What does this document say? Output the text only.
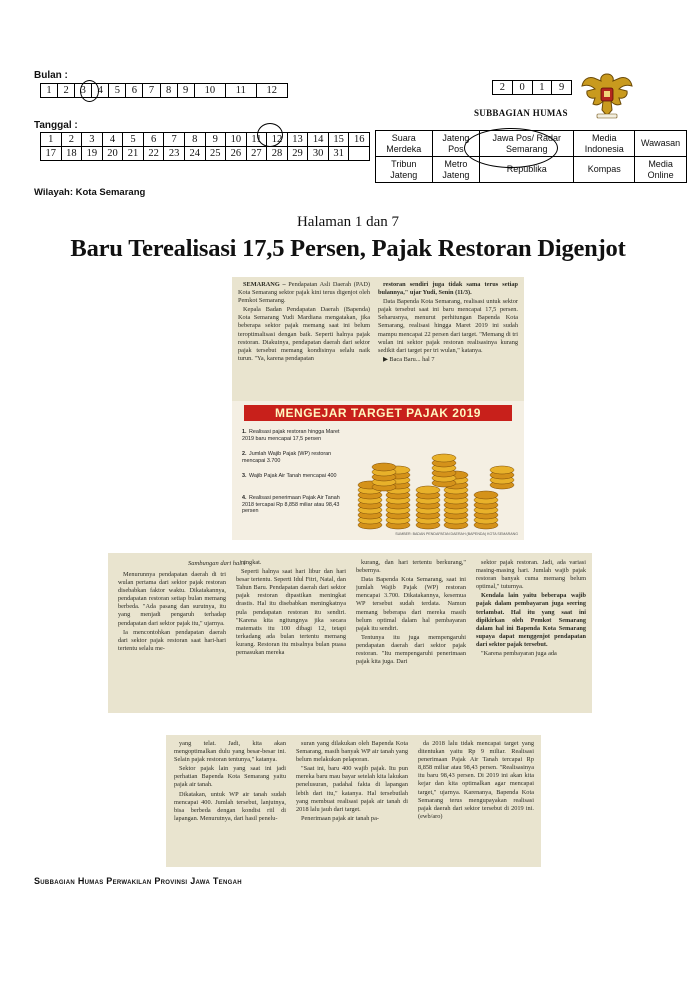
Bulan :
1	2	3	4	5	6	7	8	9	10	11	12
Tanggal :
1	2	3	4	5	6	7	8	9	10	11	12	13	14	15	16
17	18	19	20	21	22	23	24	25	26	27	28	29	30	31	
2	0	1	9
SUBBAGIAN HUMAS
Suara Merdeka	Jateng Pos	Jawa Pos/ Radar Semarang	Media Indonesia	Wawasan
Tribun Jateng	Metro Jateng	Republika	Kompas	Media Online
Wilayah: Kota Semarang
Halaman 1 dan 7
Baru Terealisasi 17,5 Persen, Pajak Restoran Digenjot

SEMARANG – Pendapatan Asli Daerah (PAD) Kota Semarang sektor pajak kini terus digenjot oleh Pemkot Semarang.

Kepala Badan Pendapatan Daerah (Bapenda) Kota Semarang Yudi Mardiana mengatakan, jika beberapa sektor pajak memang saat ini belum teroptimalisasi dengan baik. Seperti halnya pajak restoran. Diakuinya, pendapatan daerah dari sektor pajak tersebut memang kondisinya selalu naik turun. "Ya, karena pendapatan

restoran sendiri juga tidak sama terus setiap bulannya," ujar Yudi, Senin (11/3).

Data Bapenda Kota Semarang, realisasi untuk sektor pajak tersebut saat ini baru mencapai 17,5 persen. Seharusnya, menurut perhitungan Bapenda Kota Semarang, realisasi hingga Maret 2019 ini sudah mampu mencapai 22 persen dari target. "Memang di tri wulan ini sektor pajak restoran realisasinya kurang sedikit dari target per tri wulan," katanya.

▶ Baca Baru... hal 7

MENGEJAR TARGET PAJAK 2019
1. Realisasi pajak restoran hingga Maret 2019 baru mencapai 17,5 persen
2. Jumlah Wajib Pajak (WP) restoran mencapai 3.700
3. Wajib Pajak Air Tanah mencapai 400
4. Realisasi penerimaan Pajak Air Tanah 2018 tercapai Rp 8,858 miliar atau 98,43 persen
SUMBER: BADAN PENDAPATAN DAERAH (BAPENDA) KOTA SEMARANG
Sambungan dari hal.1

Menurunnya pendapatan daerah di tri wulan pertama dari sektor pajak restoran disebabkan faktor waktu. Dikatakannya, pendapatan restoran setiap bulan memang berbeda. "Ada pasang dan surutnya, itu yang menjadi pengaruh terhadap pendapatan dari sektor pajak itu," ujarnya.

Ia mencontohkan pendapatan daerah dari sektor pajak restoran saat hari-hari tertentu selalu me-

ningkat.

Seperti halnya saat hari libur dan hari besar tertentu. Seperti Idul Fitri, Natal, dan Tahun Baru. Pendapatan daerah dari sektor pajak restoran dipastikan meningkat drastis. Hal itu disebabkan meningkatnya pula pendapatan restoran itu sendiri. "Karena kita ngitungnya jika secara matematis itu 100 dibagi 12, tetapi terkadang ada bulan tertentu memang kurang. Restoran itu misalnya bulan puasa pemasukan mereka

kurang, dan hari tertentu berkurang," bebernya.

Data Bapenda Kota Semarang, saat ini jumlah Wajib Pajak (WP) restoran mencapai 3.700. Dikatakannya, kesemua WP tersebut sudah terdata. Namun memang beberapa dari mereka masih belum optimal dalam hal pembayaran pajak itu sendiri.

Tentunya itu juga mempengaruhi pendapatan daerah dari sektor pajak restoran. "Itu mempengaruhi penerimaan pajak kita juga. Dari

sektor pajak restoran. Jadi, ada variasi masing-masing hari. Jumlah wajib pajak restoran banyak cuma memang belum optimal," tuturnya.

Kendala lain yaitu beberapa wajib pajak dalam pembayaran juga seering terlambat. Hal itu yang saat ini dipikirkan oleh Pemkot Semarang dalam hal ini Bapenda Kota Semarang supaya dapat menggenjot pendapatan dari sektor pajak tersebut.

"Karena pembayaran juga ada

yang telat. Jadi, kita akan mengoptimalkan dulu yang besar-besar ini. Selain pajak restoran tentunya," katanya.

Sektor pajak lain yang saat ini jadi perhatian Bapenda Kota Semarang yaitu pajak air tanah.

Dikatakan, untuk WP air tanah sudah mencapai 400. Jumlah tersebut, lanjutnya, bisa berbeda dengan kondisi riil di lapangan. Menurutnya, dari hasil penelu-

suran yang dilakukan oleh Bapenda Kota Semarang, masih banyak WP air tanah yang belum melakukan pelaporan.

"Saat ini, baru 400 wajib pajak. Itu pun mereka baru mau bayar setelah kita lakukan penelusuran, padahal fakta di lapangan lebih dari itu," katanya. Hal tersebutlah yang membuat realisasi pajak air tanah di 2018 lalu jauh dari target.

Penerimaan pajak air tanah pa-

da 2018 lalu tidak mencapai target yang ditentukan yaitu Rp 9 miliar. Realisasi penerimaan Pajak Air Tanah tercapai Rp 8,858 miliar atau 98,43 persen. "Realisasinya itu baru 98,43 persen. Di 2019 ini akan kita kejar dan kita optimalkan agar mencapai target," ujarnya. Karenanya, Bapenda Kota Semarang terus mengupayakan realisasi pajak daerah dari sektor tersebut di 2019 ini. (ewb/aro)

Subbagian Humas Perwakilan Provinsi Jawa Tengah
